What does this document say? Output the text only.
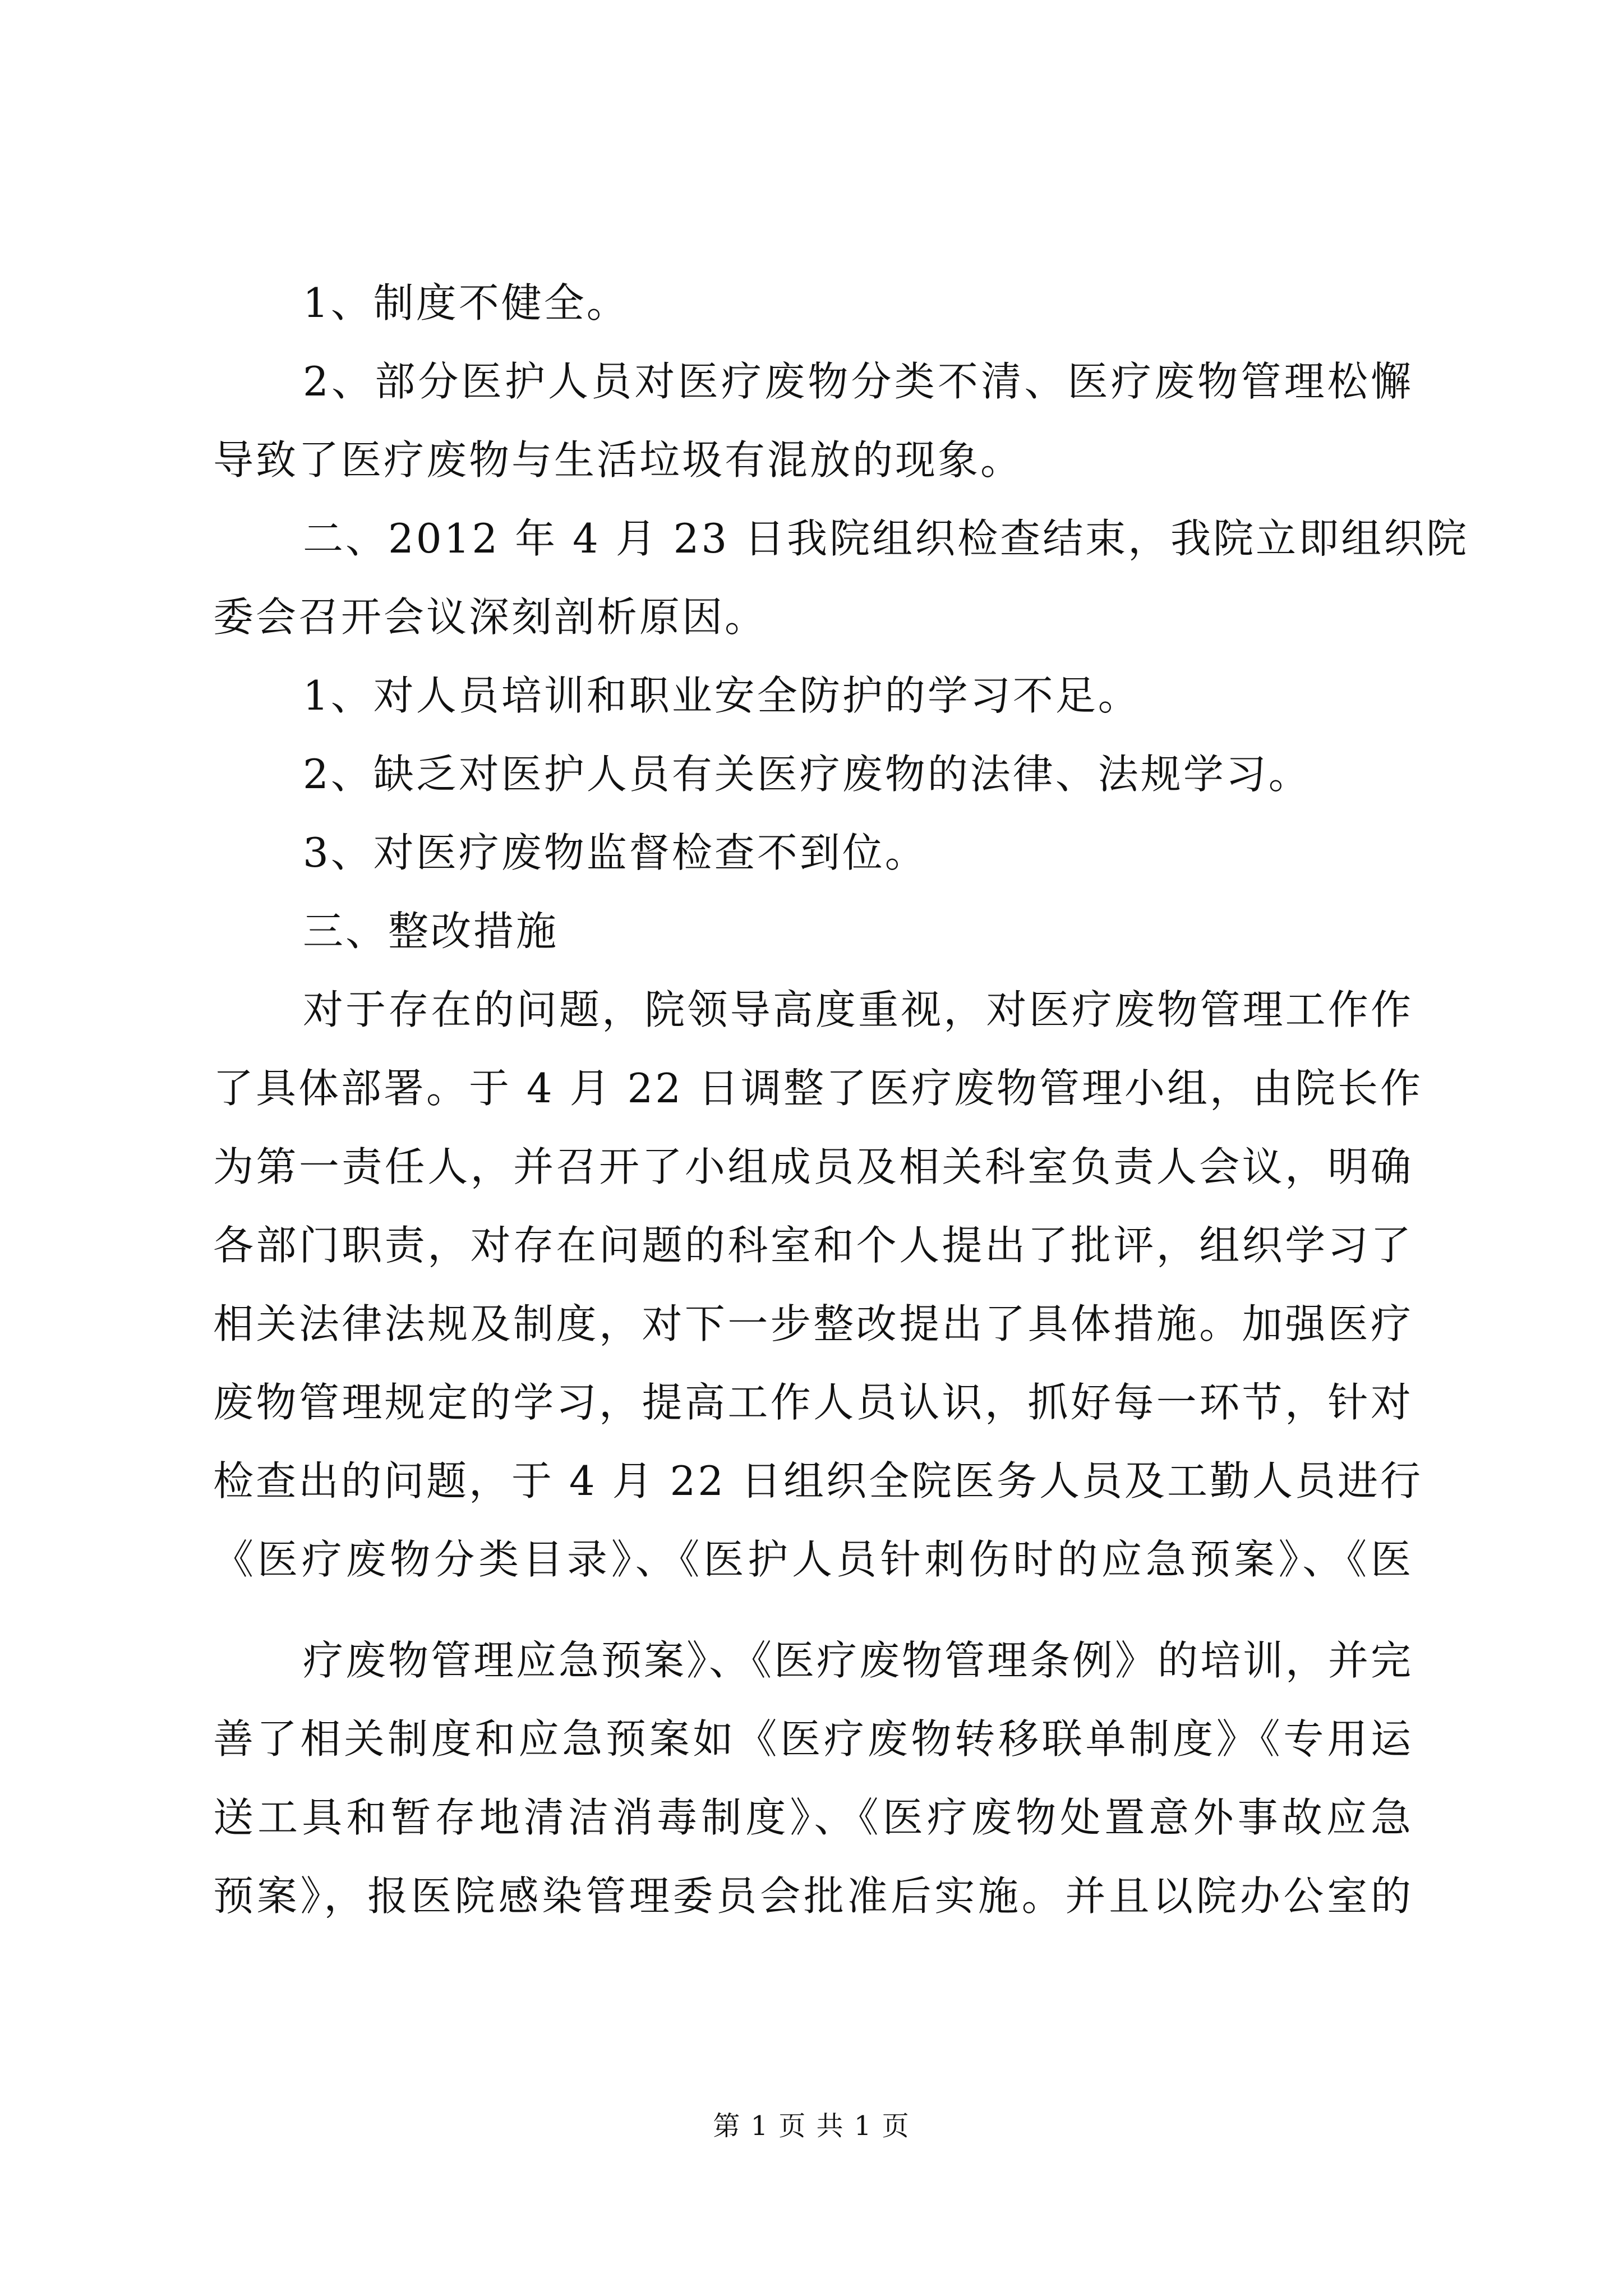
1、制度不健全。
2、部分医护人员对医疗废物分类不清、医疗废物管理松懈
导致了医疗废物与生活垃圾有混放的现象。
二、2012 年 4 月 23 日我院组织检查结束，我院立即组织院
委会召开会议深刻剖析原因。
1、对人员培训和职业安全防护的学习不足。
2、缺乏对医护人员有关医疗废物的法律、法规学习。
3、对医疗废物监督检查不到位。
三、整改措施
对于存在的问题，院领导高度重视，对医疗废物管理工作作
了具体部署。于 4 月 22 日调整了医疗废物管理小组，由院长作
为第一责任人，并召开了小组成员及相关科室负责人会议，明确
各部门职责，对存在问题的科室和个人提出了批评，组织学习了
相关法律法规及制度，对下一步整改提出了具体措施。加强医疗
废物管理规定的学习，提高工作人员认识，抓好每一环节，针对
检查出的问题，于 4 月 22 日组织全院医务人员及工勤人员进行
《医疗废物分类目录》、《医护人员针刺伤时的应急预案》、《医
疗废物管理应急预案》、《医疗废物管理条例》的培训，并完
善了相关制度和应急预案如《医疗废物转移联单制度》《专用运
送工具和暂存地清洁消毒制度》、《医疗废物处置意外事故应急
预案》，报医院感染管理委员会批准后实施。并且以院办公室的
第 1 页 共 1 页
